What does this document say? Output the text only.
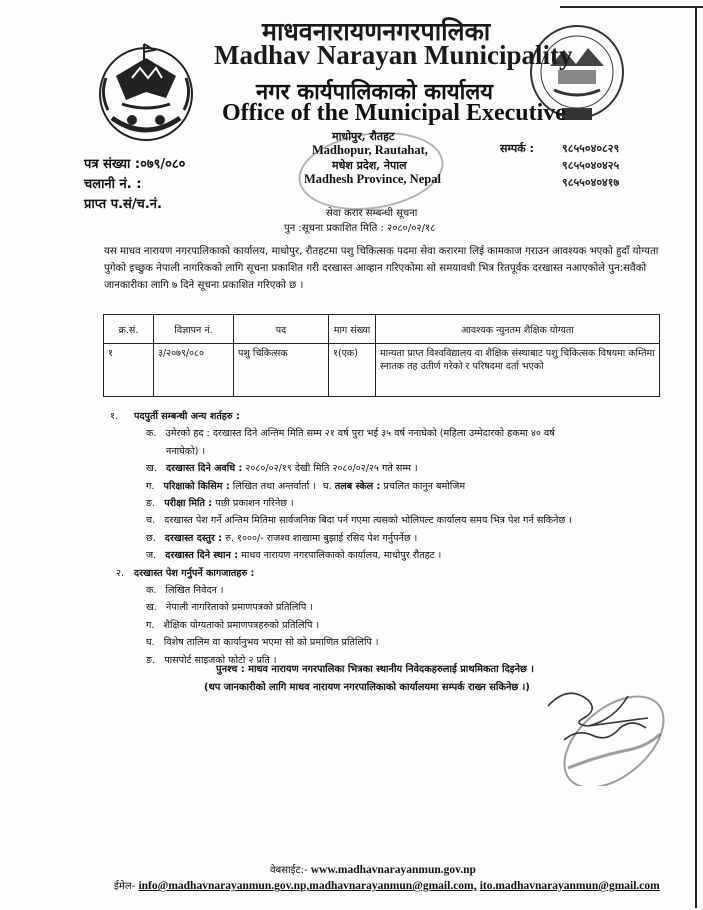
माधवनारायणनगरपालिका
Madhav Narayan Municipality
नगर कार्यपालिकाको कार्यालय
Office of the Municipal Executive
माधोपुर, रौतहट
Madhopur, Rautahat,
मधेश प्रदेश, नेपाल
Madhesh Province, Nepal
पत्र संख्या :०७९/०८०
चलानी नं. :
प्राप्त प.सं/च.नं.
सम्पर्क :	९८५५०४०८२९
९८५५०४०४२५
९८५५०४०४१७
सेवा करार सम्बन्धी सूचना
पुन :सूचना प्रकाशित मिति : २०८०/०२/१८
यस माधव नारायण नगरपालिकाको कार्यालय, माधोपुर, रौतहटमा पशु चिकित्सक पदमा सेवा करारमा लिई कामकाज गराउन आवश्यक भएको हुदाँ योग्यता पुगेको इच्छुक नेपाली नागरिकको लागि सूचना प्रकाशित गरी दरखास्त आव्हान गरिएकोमा सो समयावधी भित्र रितपूर्वक दरखास्त नआएकोले पुन:सवैको जानकारीका लागि ७ दिने सूचना प्रकाशित गरिएको छ ।
क्र.सं.	विज्ञापन नं.	पद	माग संख्या	आवश्यक न्युनतम शैक्षिक योग्यता
१	३/२०७९/०८०	पशु चिकित्सक	१(एक)	मान्यता प्राप्त विश्वविद्यालय वा शैक्षिक संस्थाबाट पशु चिकित्सक विषयमा कम्तिमा स्नातक तह उतीर्ण गरेको र परिषदमा दर्ता भएको
१. पदपुर्ती सम्बन्धी अन्य शर्तहरु :
क. उमेरको हद : दरखास्त दिने अन्तिम मिति सम्म २१ वर्ष पुरा भई ३५ वर्ष ननाघेको (महिला उम्मेदारको हकमा ४० वर्ष
ननाघेको) ।
ख. दरखास्त दिने अवधि : २०८०/०२/१९ देखी मिति २०८०/०२/२५ गते सम्म ।
ग. परिक्षाको किसिम : लिखित तथा अन्तर्वार्ता । घ. तलब स्केल : प्रचलित कानुन बमोजिम
ङ. परीक्षा मिति : पछी प्रकाशन गरिनेछ ।
च. दरखास्त पेश गर्ने अन्तिम मितिमा सार्वजनिक बिदा पर्न गएमा त्यसको भोलिपल्ट कार्यालय समय भित्र पेश गर्न सकिनेछ ।
छ. दरखास्त दस्तुर : रु. १०००/- राजश्व शाखामा बुझाई रसिद पेश गर्नुपर्नेछ ।
ज. दरखास्त दिने स्थान : माधव नारायण नगरपालिकाको कार्यालय, माधोपुर रौतहट ।
२. दरखास्त पेश गर्नुपर्ने कागजातहरु :
क. लिखित निवेदन ।
ख. नेपाली नागरिताको प्रमाणपत्रको प्रतिलिपि ।
ग. शैक्षिक योग्यताको प्रमाणपत्रहरुको प्रतिलिपि ।
घ. विशेष तालिम वा कार्यानुभव भएमा सो को प्रमाणित प्रतिलिपि ।
ङ. पासपोर्ट साइजको फोटो २ प्रति ।
पुनश्च : माधव नारायण नगरपालिका भित्रका स्थानीय निवेदकहरुलाई प्राथमिकता दिइनेछ ।
(थप जानकारीको लागि माधव नारायण नगरपालिकाको कार्यालयमा सम्पर्क राख्न सकिनेछ ।)
वेबसाईट:- www.madhavnarayanmun.gov.np
ईमेल- info@madhavnarayanmun.gov.np,madhavnarayanmun@gmail.com, ito.madhavnarayanmun@gmail.com
